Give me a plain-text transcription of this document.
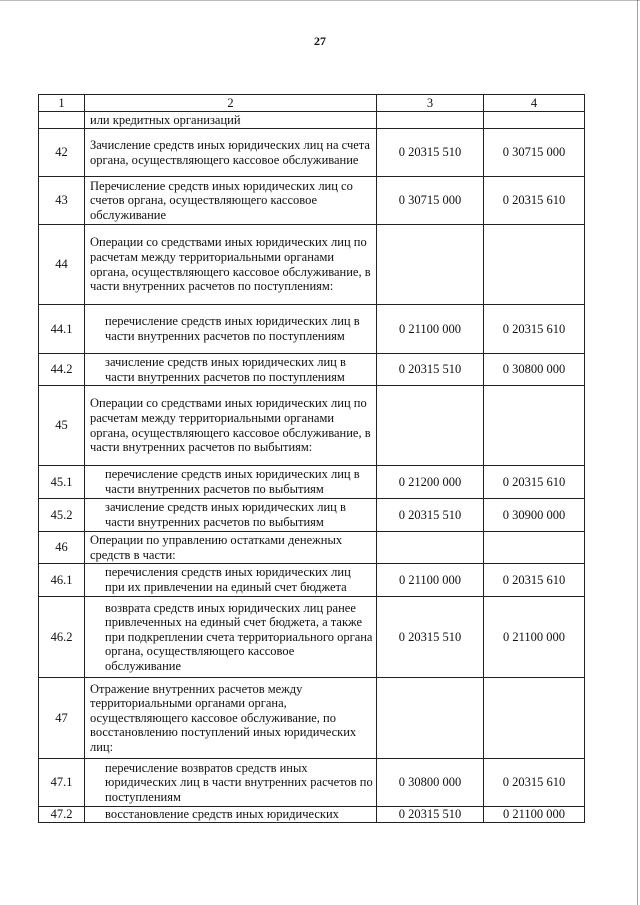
27
1	2	3	4
	или кредитных организаций		
42	Зачисление средств иных юридических лиц на счета органа, осуществляющего кассовое обслуживание	0 20315 510	0 30715 000
43	Перечисление средств иных юридических лиц со счетов органа, осуществляющего кассовое обслуживание	0 30715 000	0 20315 610
44	Операции со средствами иных юридических лиц по расчетам между территориальными органами органа, осуществляющего кассовое обслуживание, в части внутренних расчетов по поступлениям:		
44.1	перечисление средств иных юридических лиц в части внутренних расчетов по поступлениям	0 21100 000	0 20315 610
44.2	зачисление средств иных юридических лиц в части внутренних расчетов по поступлениям	0 20315 510	0 30800 000
45	Операции со средствами иных юридических лиц по расчетам между территориальными органами органа, осуществляющего кассовое обслуживание, в части внутренних расчетов по выбытиям:		
45.1	перечисление средств иных юридических лиц в части внутренних расчетов по выбытиям	0 21200 000	0 20315 610
45.2	зачисление средств иных юридических лиц в части внутренних расчетов по выбытиям	0 20315 510	0 30900 000
46	Операции по управлению остатками денежных средств в части:		
46.1	перечисления средств иных юридических лиц при их привлечении на единый счет бюджета	0 21100 000	0 20315 610
46.2	возврата средств иных юридических лиц ранее привлеченных на единый счет бюджета, а также при подкреплении счета территориального органа органа, осуществляющего кассовое обслуживание	0 20315 510	0 21100 000
47	Отражение внутренних расчетов между территориальными органами органа, осуществляющего кассовое обслуживание, по восстановлению поступлений иных юридических лиц:		
47.1	перечисление возвратов средств иных юридических лиц в части внутренних расчетов по поступлениям	0 30800 000	0 20315 610
47.2	восстановление средств иных юридических	0 20315 510	0 21100 000
